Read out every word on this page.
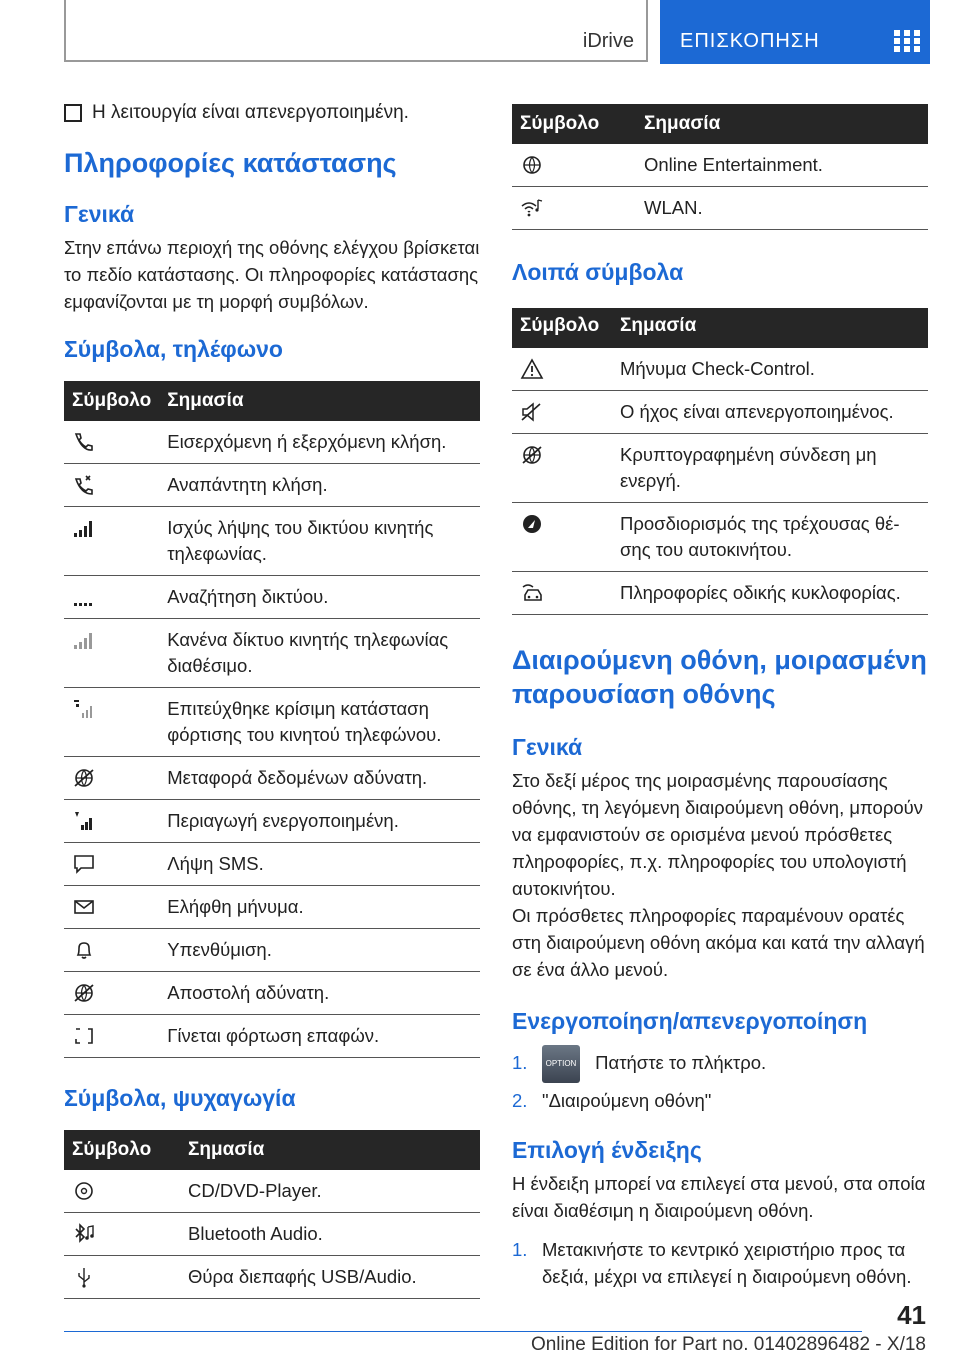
iDrive ΕΠΙΣΚΟΠΗΣΗ

Η λειτουργία είναι απενεργοποιημένη.

Πληροφορίες κατάστασης
Γενικά

Στην επάνω περιοχή της οθόνης ελέγχου βρίσκεται το πεδίο κατάστασης. Οι πληροφορίες κατάστασης εμφανίζονται με τη μορφή συμβόλων.

Σύμβολα, τηλέφωνο
Σύμβολο	Σημασία

	Εισερχόμενη ή εξερχόμενη κλήση.

	Αναπάντητη κλήση.

	Ισχύς λήψης του δικτύου κινητής τηλεφωνίας.

	Αναζήτηση δικτύου.

	Κανένα δίκτυο κινητής τηλεφωνίας διαθέσιμο.

	Επιτεύχθηκε κρίσιμη κατάσταση φόρτισης του κινητού τηλεφώνου.

	Μεταφορά δεδομένων αδύνατη.

	Περιαγωγή ενεργοποιημένη.

	Λήψη SMS.

	Ελήφθη μήνυμα.

	Υπενθύμιση.

	Αποστολή αδύνατη.

	Γίνεται φόρτωση επαφών.
Σύμβολα, ψυχαγωγία
Σύμβολο	Σημασία

	CD/DVD-Player.

	Bluetooth Audio.

	Θύρα διεπαφής USB/Audio.
Σύμβολο	Σημασία

	Online Entertainment.

	WLAN.
Λοιπά σύμβολα
Σύμβολο	Σημασία

	Μήνυμα Check-Control.

	Ο ήχος είναι απενεργοποιημένος.

	Κρυπτογραφημένη σύνδεση μη ενεργή.

	Προσδιορισμός της τρέχουσας θέσης του αυτοκινήτου.

	Πληροφορίες οδικής κυκλοφορίας.
Διαιρούμενη οθόνη, μοιρασμένη παρουσίαση οθόνης
Γενικά

Στο δεξί μέρος της μοιρασμένης παρουσίασης οθόνης, τη λεγόμενη διαιρούμενη οθόνη, μπορούν να εμφανιστούν σε ορισμένα μενού πρόσθετες πληροφορίες, π.χ. πληροφορίες του υπολογιστή αυτοκινήτου.

Οι πρόσθετες πληροφορίες παραμένουν ορατές στη διαιρούμενη οθόνη ακόμα και κατά την αλλαγή σε ένα άλλο μενού.

Ενεργοποίηση/απενεργοποίηση
1.	OPTION Πατήστε το πλήκτρο.
2. "Διαιρούμενη οθόνη"
Επιλογή ένδειξης

Η ένδειξη μπορεί να επιλεγεί στα μενού, στα οποία είναι διαθέσιμη η διαιρούμενη οθόνη.

1. Μετακινήστε το κεντρικό χειριστήριο προς τα δεξιά, μέχρι να επιλεγεί η διαιρούμενη οθόνη.
41
Online Edition for Part no. 01402896482 - X/18
